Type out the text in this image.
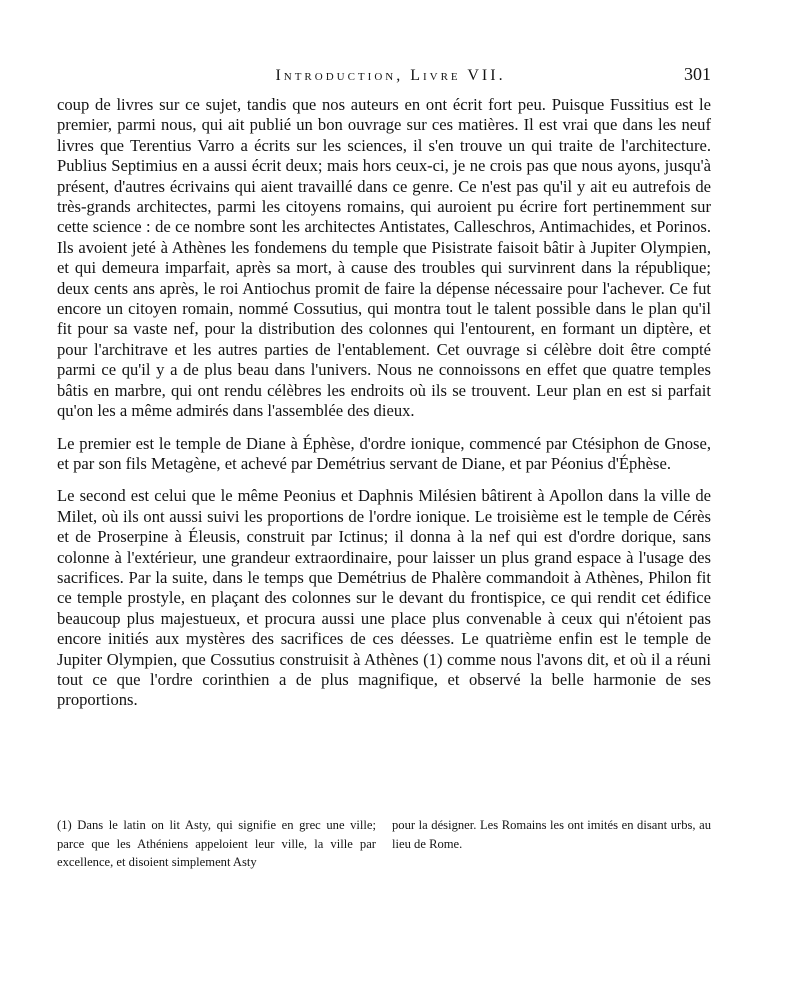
Introduction, Livre VII.	301

coup de livres sur ce sujet, tandis que nos auteurs en ont écrit fort peu. Puisque Fussitius est le premier, parmi nous, qui ait publié un bon ouvrage sur ces matières. Il est vrai que dans les neuf livres que Terentius Varro a écrits sur les sciences, il s'en trouve un qui traite de l'architecture. Publius Septimius en a aussi écrit deux; mais hors ceux-ci, je ne crois pas que nous ayons, jusqu'à présent, d'autres écrivains qui aient travaillé dans ce genre. Ce n'est pas qu'il y ait eu autrefois de très-grands architectes, parmi les citoyens romains, qui auroient pu écrire fort pertinemment sur cette science : de ce nombre sont les architectes Antistates, Calleschros, Antimachides, et Porinos. Ils avoient jeté à Athènes les fondemens du temple que Pisistrate faisoit bâtir à Jupiter Olympien, et qui demeura imparfait, après sa mort, à cause des troubles qui survinrent dans la république; deux cents ans après, le roi Antiochus promit de faire la dépense nécessaire pour l'achever. Ce fut encore un citoyen romain, nommé Cossutius, qui montra tout le talent possible dans le plan qu'il fit pour sa vaste nef, pour la distribution des colonnes qui l'entourent, en formant un diptère, et pour l'architrave et les autres parties de l'entablement. Cet ouvrage si célèbre doit être compté parmi ce qu'il y a de plus beau dans l'univers. Nous ne connoissons en effet que quatre temples bâtis en marbre, qui ont rendu célèbres les endroits où ils se trouvent. Leur plan en est si parfait qu'on les a même admirés dans l'assemblée des dieux.

Le premier est le temple de Diane à Éphèse, d'ordre ionique, commencé par Ctésiphon de Gnose, et par son fils Metagène, et achevé par Demétrius servant de Diane, et par Péonius d'Éphèse.

Le second est celui que le même Peonius et Daphnis Milésien bâtirent à Apollon dans la ville de Milet, où ils ont aussi suivi les proportions de l'ordre ionique. Le troisième est le temple de Cérès et de Proserpine à Éleusis, construit par Ictinus; il donna à la nef qui est d'ordre dorique, sans colonne à l'extérieur, une grandeur extraordinaire, pour laisser un plus grand espace à l'usage des sacrifices. Par la suite, dans le temps que Demétrius de Phalère commandoit à Athènes, Philon fit ce temple prostyle, en plaçant des colonnes sur le devant du frontispice, ce qui rendit cet édifice beaucoup plus majestueux, et procura aussi une place plus convenable à ceux qui n'étoient pas encore initiés aux mystères des sacrifices de ces déesses. Le quatrième enfin est le temple de Jupiter Olympien, que Cossutius construisit à Athènes (1) comme nous l'avons dit, et où il a réuni tout ce que l'ordre corinthien a de plus magnifique, et observé la belle harmonie de ses proportions.

(1) Dans le latin on lit Asty, qui signifie en grec une ville; parce que les Athéniens appeloient leur ville, la ville par excellence, et disoient simplement Asty

pour la désigner. Les Romains les ont imités en disant urbs, au lieu de Rome.
